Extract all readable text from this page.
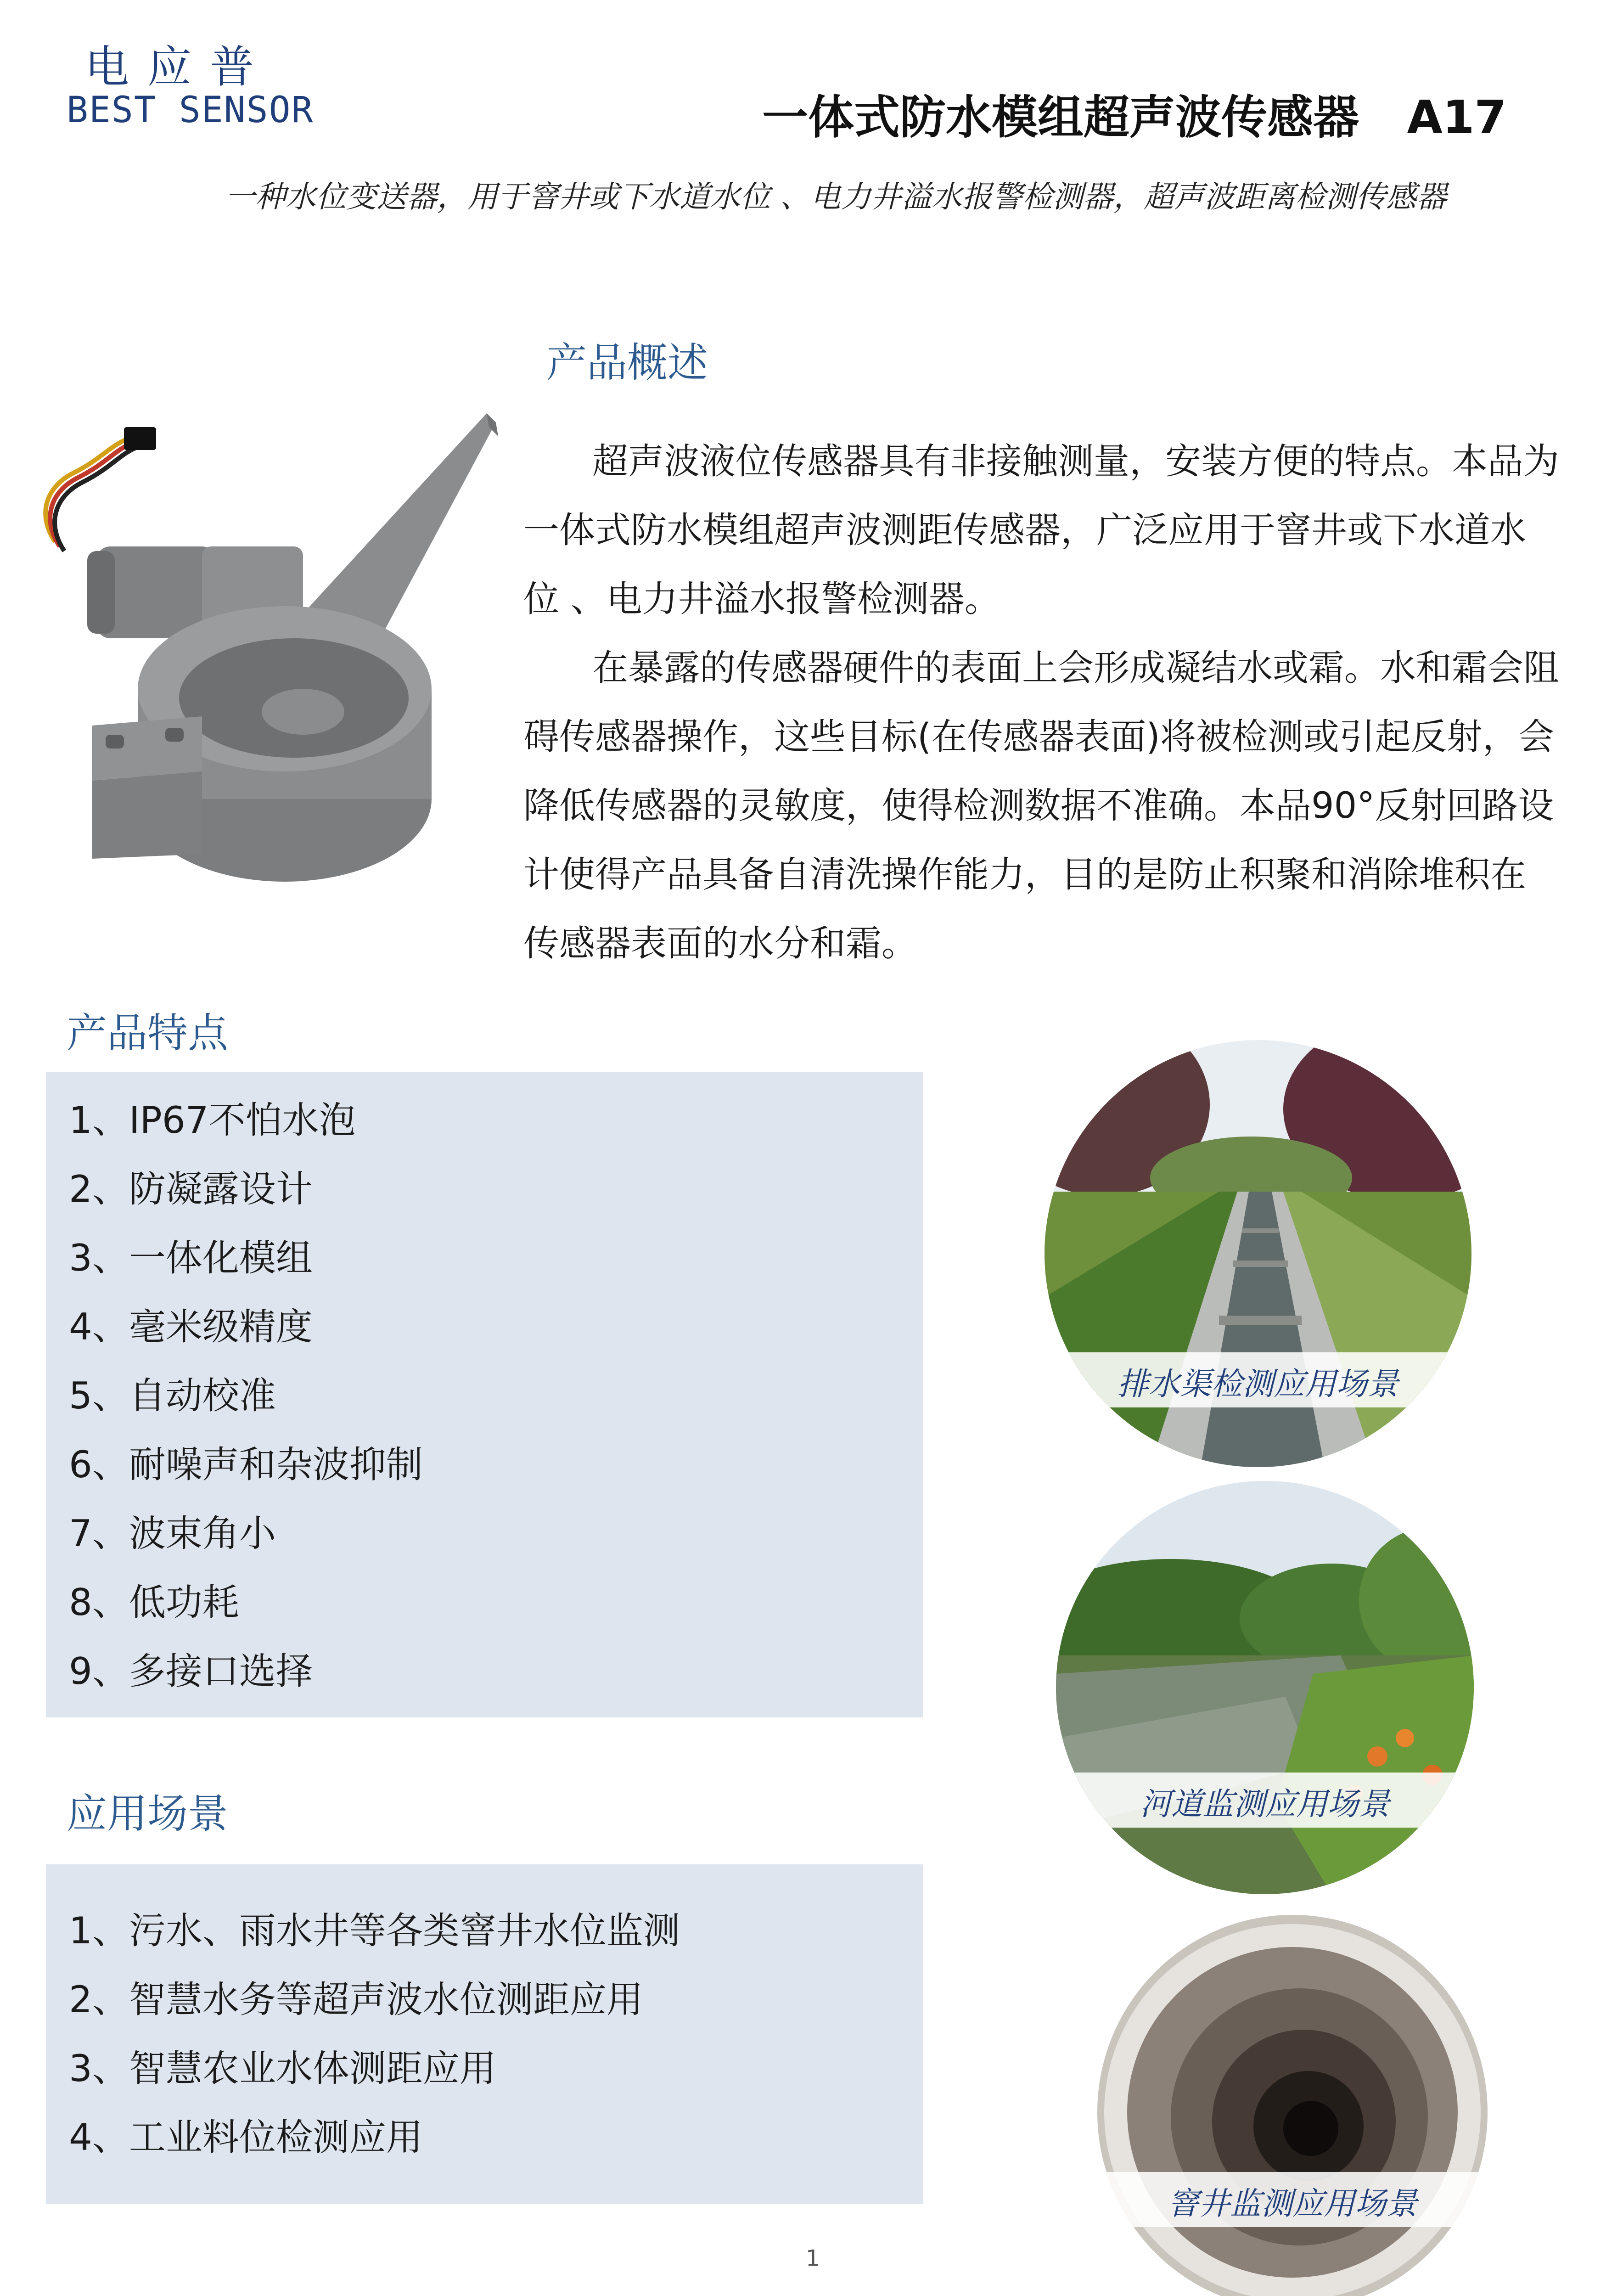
电应普
BEST SENSOR	一体式防水模组超声波传感器   A17
一种水位变送器，用于窨井或下水道水位 、电力井溢水报警检测器，超声波距离检测传感器
产品概述
超声波液位传感器具有非接触测量，安装方便的特点。本品为一体式防水模组超声波测距传感器，广泛应用于窨井或下水道水位 、电力井溢水报警检测器。
在暴露的传感器硬件的表面上会形成凝结水或霜。水和霜会阻碍传感器操作，这些目标(在传感器表面)将被检测或引起反射，会降低传感器的灵敏度，使得检测数据不准确。本品90°反射回路设计使得产品具备自清洗操作能力，目的是防止积聚和消除堆积在传感器表面的水分和霜。
产品特点
1、IP67不怕水泡
2、防凝露设计
3、一体化模组
4、毫米级精度
5、自动校准
6、耐噪声和杂波抑制
7、波束角小
8、低功耗
9、多接口选择
应用场景
1、污水、雨水井等各类窨井水位监测
2、智慧水务等超声波水位测距应用
3、智慧农业水体测距应用
4、工业料位检测应用
排水渠检测应用场景
河道监测应用场景
窨井监测应用场景
1
